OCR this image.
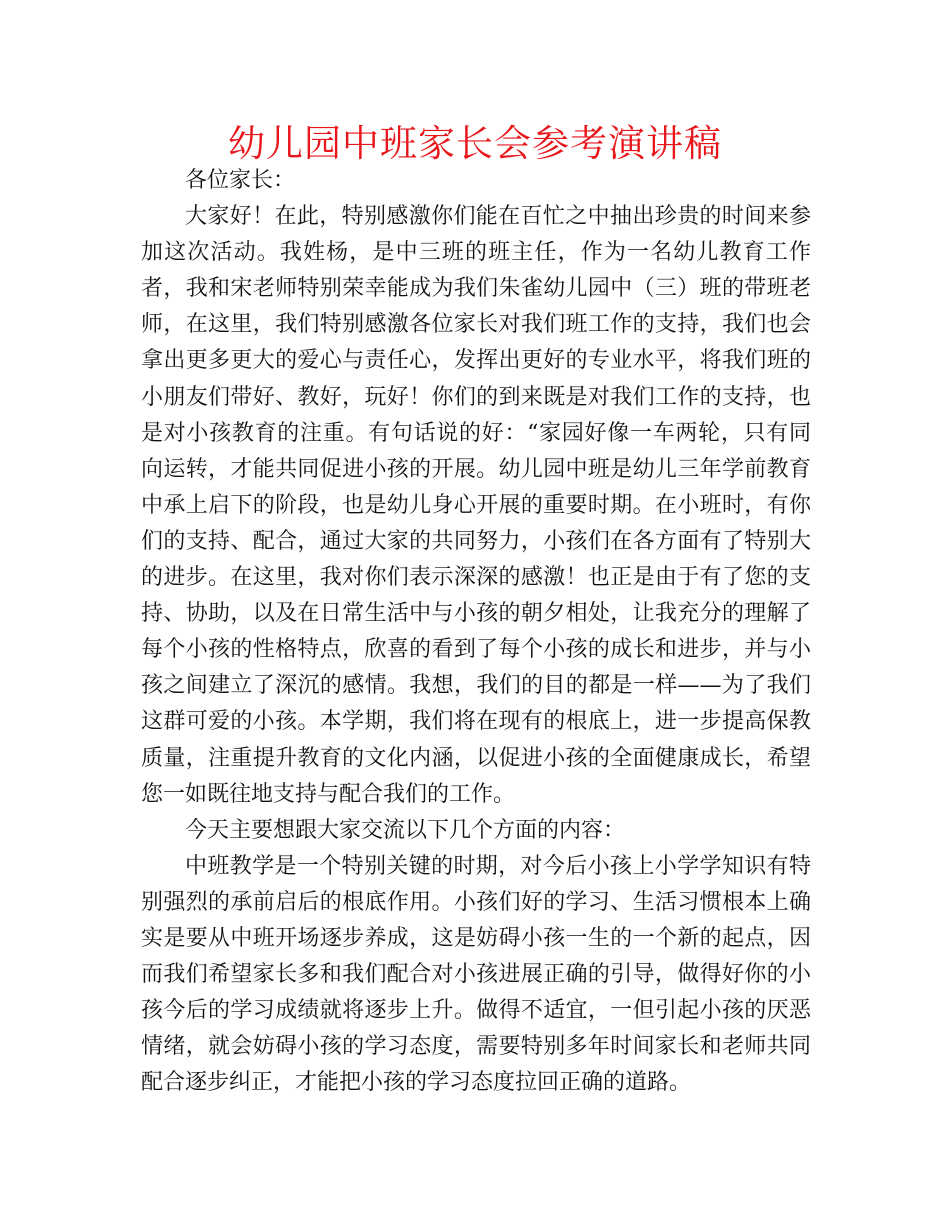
幼儿园中班家长会参考演讲稿

各位家长：

大家好！在此，特别感激你们能在百忙之中抽出珍贵的时间来参加这次活动。我姓杨，是中三班的班主任，作为一名幼儿教育工作者，我和宋老师特别荣幸能成为我们朱雀幼儿园中（三）班的带班老师，在这里，我们特别感激各位家长对我们班工作的支持，我们也会拿出更多更大的爱心与责任心，发挥出更好的专业水平，将我们班的小朋友们带好、教好，玩好！你们的到来既是对我们工作的支持，也是对小孩教育的注重。有句话说的好：“家园好像一车两轮，只有同向运转，才能共同促进小孩的开展。幼儿园中班是幼儿三年学前教育中承上启下的阶段，也是幼儿身心开展的重要时期。在小班时，有你们的支持、配合，通过大家的共同努力，小孩们在各方面有了特别大的进步。在这里，我对你们表示深深的感激！也正是由于有了您的支持、协助，以及在日常生活中与小孩的朝夕相处，让我充分的理解了每个小孩的性格特点，欣喜的看到了每个小孩的成长和进步，并与小孩之间建立了深沉的感情。我想，我们的目的都是一样——为了我们这群可爱的小孩。本学期，我们将在现有的根底上，进一步提高保教质量，注重提升教育的文化内涵，以促进小孩的全面健康成长，希望您一如既往地支持与配合我们的工作。

今天主要想跟大家交流以下几个方面的内容：

中班教学是一个特别关键的时期，对今后小孩上小学学知识有特别强烈的承前启后的根底作用。小孩们好的学习、生活习惯根本上确实是要从中班开场逐步养成，这是妨碍小孩一生的一个新的起点，因而我们希望家长多和我们配合对小孩进展正确的引导，做得好你的小孩今后的学习成绩就将逐步上升。做得不适宜，一但引起小孩的厌恶情绪，就会妨碍小孩的学习态度，需要特别多年时间家长和老师共同配合逐步纠正，才能把小孩的学习态度拉回正确的道路。
